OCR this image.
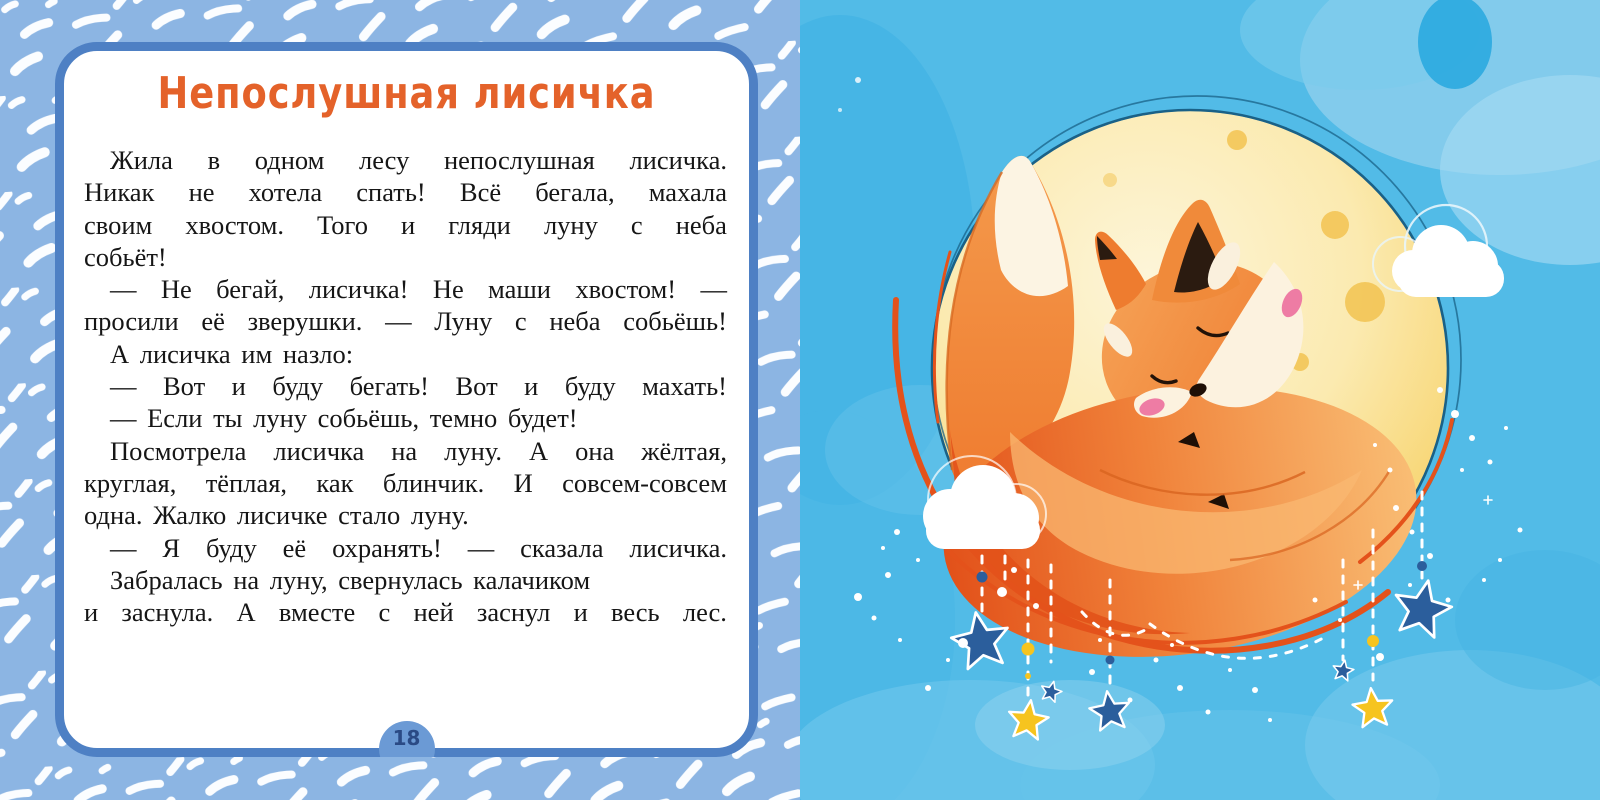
Непослушная лисичка
Жила в одном лесу непослушная лисичка.
Никак не хотела спать! Всё бегала, махала
своим хвостом. Того и гляди луну с неба
собьёт!
— Не бегай, лисичка! Не маши хвостом! —
просили её зверушки. — Луну с неба собьёшь!
А лисичка им назло:
— Вот и буду бегать! Вот и буду махать!
— Если ты луну собьёшь, темно будет!
Посмотрела лисичка на луну. А она жёлтая,
круглая, тёплая, как блинчик. И совсем-совсем
одна. Жалко лисичке стало луну.
— Я буду её охранять! — сказала лисичка.
Забралась на луну, свернулась калачиком
и заснула. А вместе с ней заснул и весь лес.
18
